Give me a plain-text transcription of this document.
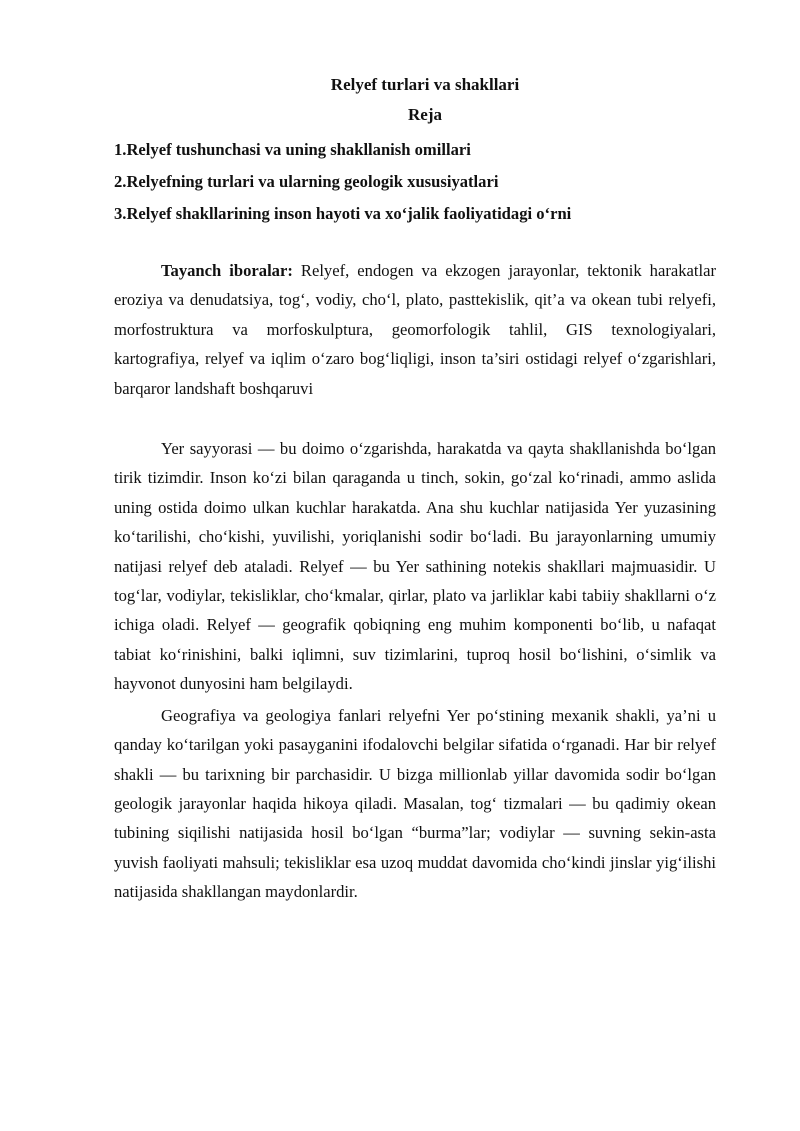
Relyef turlari va shakllari
Reja
1.Relyef tushunchasi va uning shakllanish omillari
2.Relyefning turlari va ularning geologik xususiyatlari
3.Relyef shakllarining inson hayoti va xo‘jalik faoliyatidagi o‘rni

Tayanch iboralar: Relyef, endogen va ekzogen jarayonlar, tektonik harakatlar eroziya va denudatsiya, tog‘, vodiy, cho‘l, plato, pasttekislik, qit’a va okean tubi relyefi, morfostruktura va morfoskulptura, geomorfologik tahlil, GIS texnologiyalari, kartografiya, relyef va iqlim o‘zaro bog‘liqligi, inson ta’siri ostidagi relyef o‘zgarishlari, barqaror landshaft boshqaruvi

Yer sayyorasi — bu doimo o‘zgarishda, harakatda va qayta shakllanishda bo‘lgan tirik tizimdir. Inson ko‘zi bilan qaraganda u tinch, sokin, go‘zal ko‘rinadi, ammo aslida uning ostida doimo ulkan kuchlar harakatda. Ana shu kuchlar natijasida Yer yuzasining ko‘tarilishi, cho‘kishi, yuvilishi, yoriqlanishi sodir bo‘ladi. Bu jarayonlarning umumiy natijasi relyef deb ataladi. Relyef — bu Yer sathining notekis shakllari majmuasidir. U tog‘lar, vodiylar, tekisliklar, cho‘kmalar, qirlar, plato va jarliklar kabi tabiiy shakllarni o‘z ichiga oladi. Relyef — geografik qobiqning eng muhim komponenti bo‘lib, u nafaqat tabiat ko‘rinishini, balki iqlimni, suv tizimlarini, tuproq hosil bo‘lishini, o‘simlik va hayvonot dunyosini ham belgilaydi.

Geografiya va geologiya fanlari relyefni Yer po‘stining mexanik shakli, ya’ni u qanday ko‘tarilgan yoki pasayganini ifodalovchi belgilar sifatida o‘rganadi. Har bir relyef shakli — bu tarixning bir parchasidir. U bizga millionlab yillar davomida sodir bo‘lgan geologik jarayonlar haqida hikoya qiladi. Masalan, tog‘ tizmalari — bu qadimiy okean tubining siqilishi natijasida hosil bo‘lgan “burma”lar; vodiylar — suvning sekin-asta yuvish faoliyati mahsuli; tekisliklar esa uzoq muddat davomida cho‘kindi jinslar yig‘ilishi natijasida shakllangan maydonlardir.
